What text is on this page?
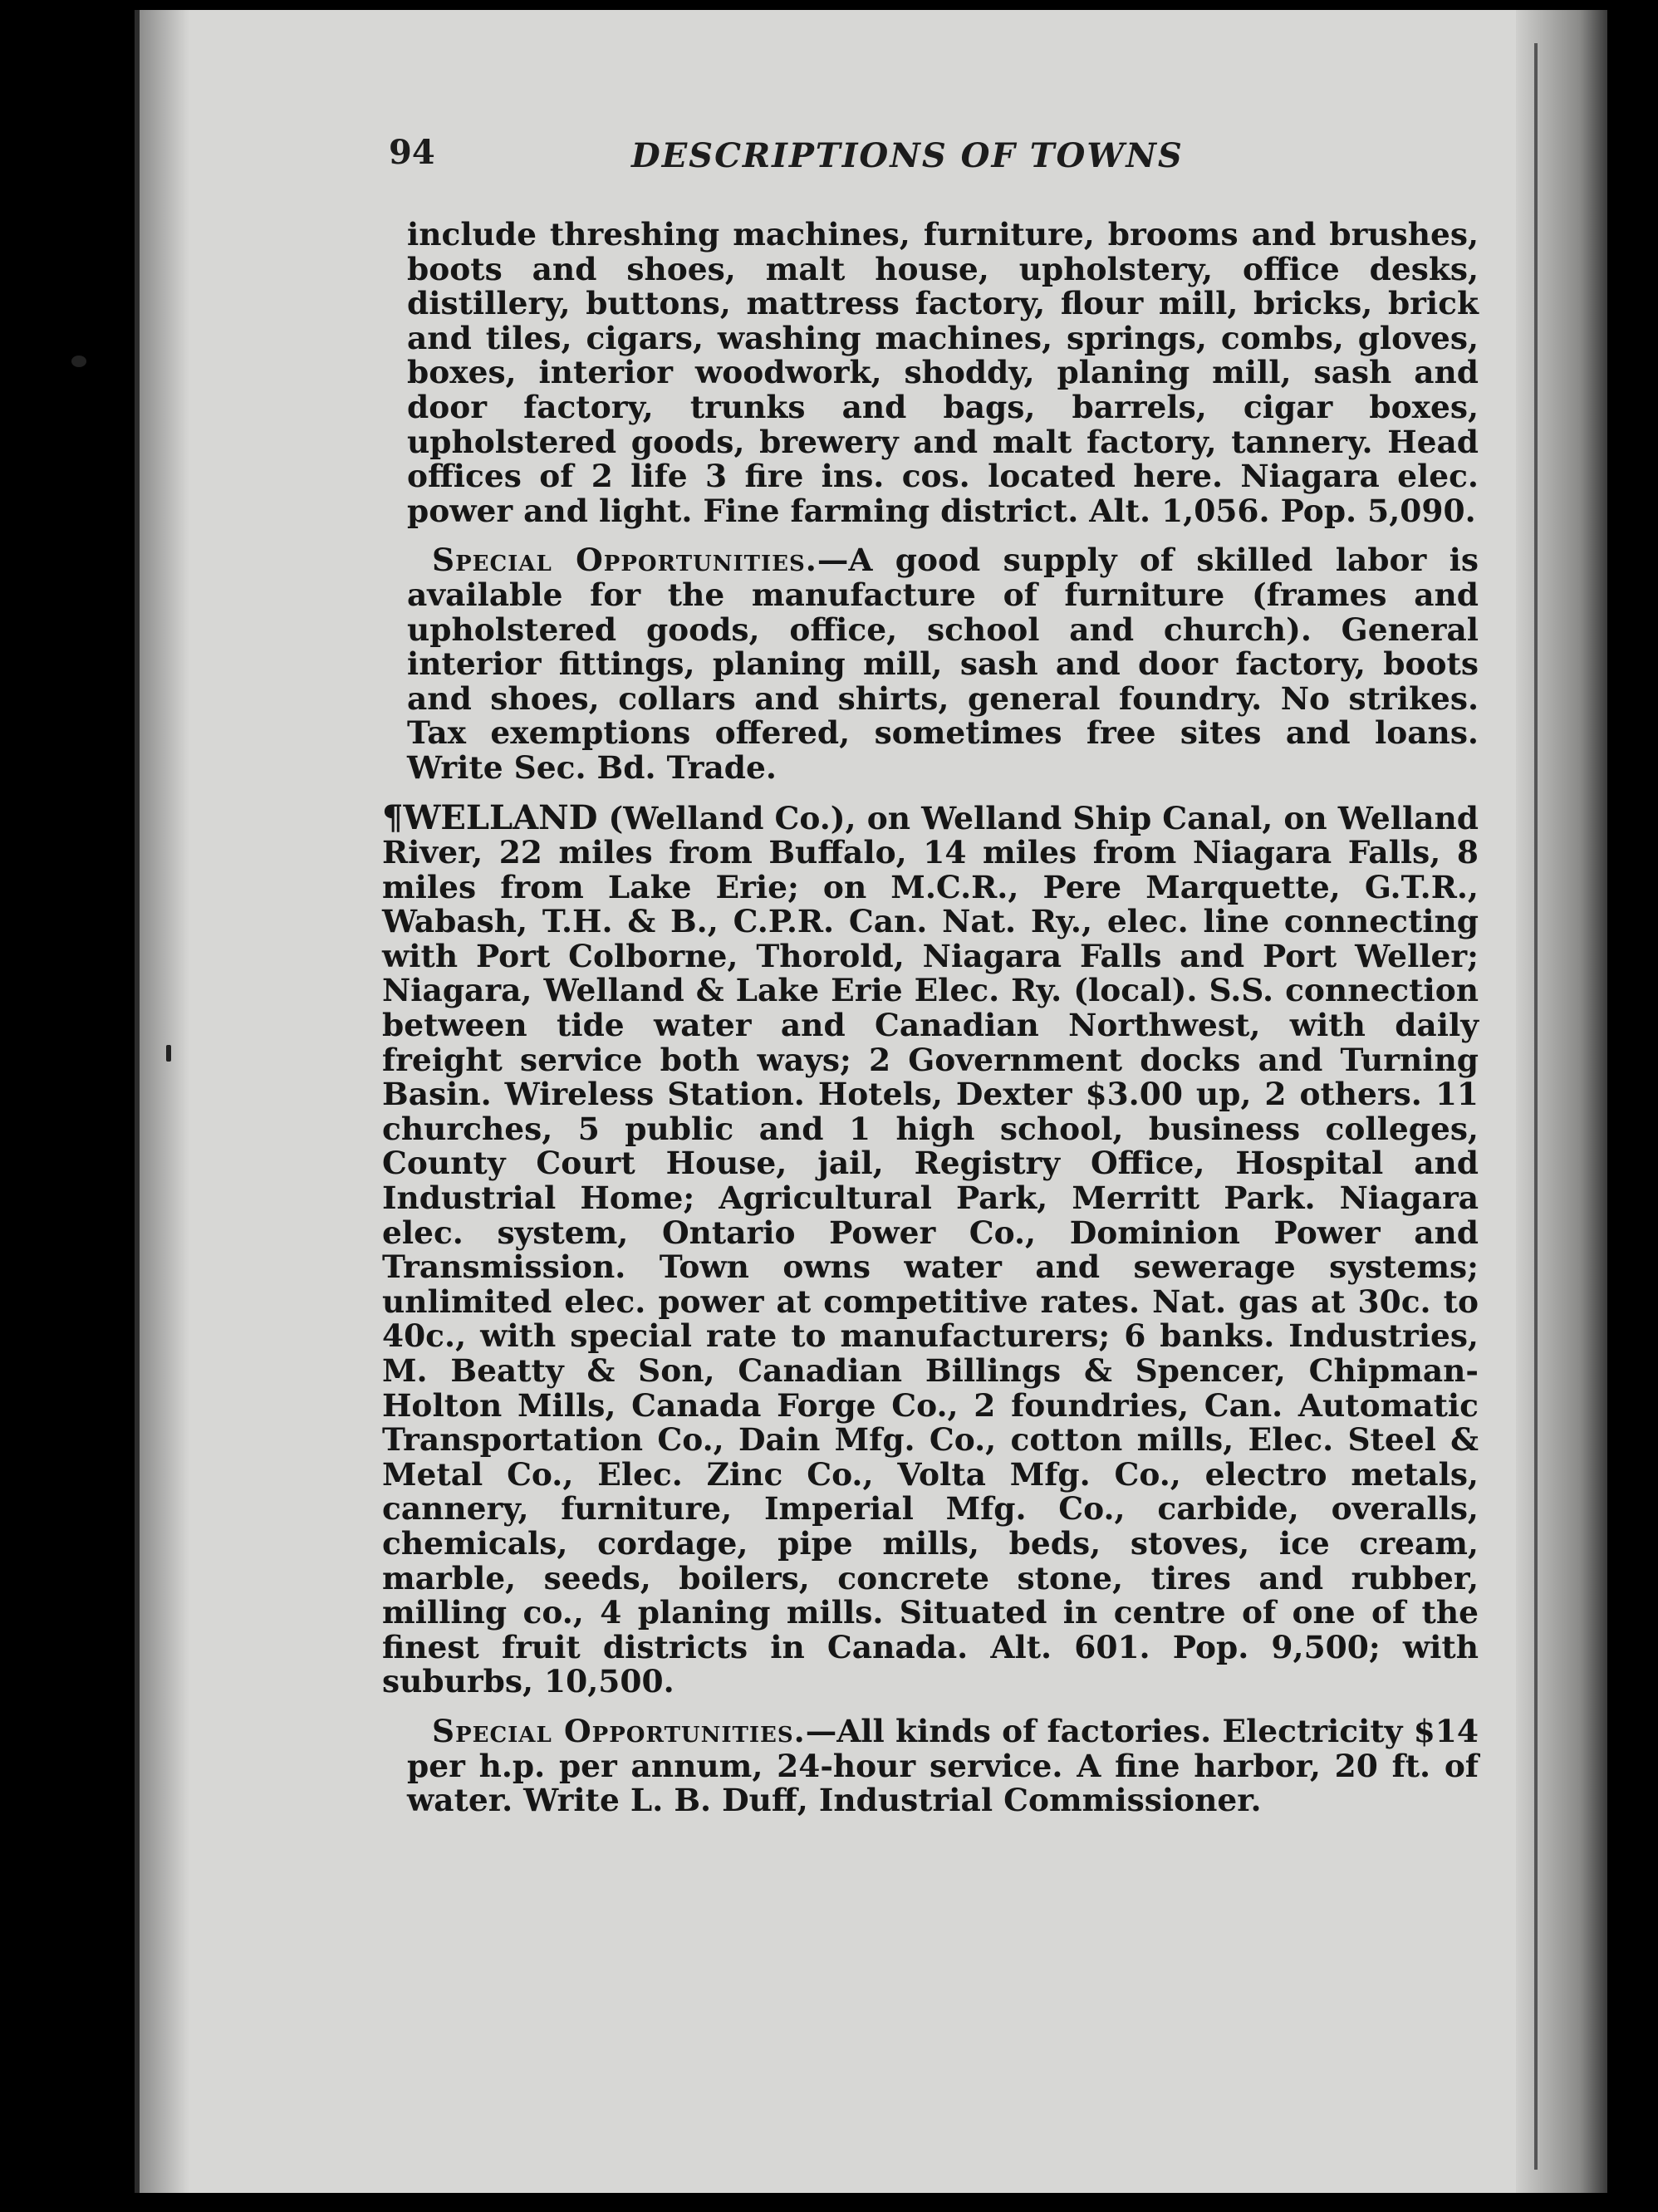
94	DESCRIPTIONS OF TOWNS

include threshing machines, furniture, brooms and brushes, boots and shoes, malt house, upholstery, office desks, distillery, buttons, mattress factory, flour mill, bricks, brick and tiles, cigars, washing machines, springs, combs, gloves, boxes, interior woodwork, shoddy, planing mill, sash and door factory, trunks and bags, barrels, cigar boxes, upholstered goods, brewery and malt factory, tannery. Head offices of 2 life 3 fire ins. cos. located here. Niagara elec. power and light. Fine farming district. Alt. 1,056. Pop. 5,090.

Special Opportunities.—A good supply of skilled labor is available for the manufacture of furniture (frames and upholstered goods, office, school and church). General interior fittings, planing mill, sash and door factory, boots and shoes, collars and shirts, general foundry. No strikes. Tax exemptions offered, sometimes free sites and loans. Write Sec. Bd. Trade.

¶WELLAND (Welland Co.), on Welland Ship Canal, on Welland River, 22 miles from Buffalo, 14 miles from Niagara Falls, 8 miles from Lake Erie; on M.C.R., Pere Marquette, G.T.R., Wabash, T.H. & B., C.P.R. Can. Nat. Ry., elec. line connecting with Port Colborne, Thorold, Niagara Falls and Port Weller; Niagara, Welland & Lake Erie Elec. Ry. (local). S.S. connection between tide water and Canadian Northwest, with daily freight service both ways; 2 Government docks and Turning Basin. Wireless Station. Hotels, Dexter $3.00 up, 2 others. 11 churches, 5 public and 1 high school, business colleges, County Court House, jail, Registry Office, Hospital and Industrial Home; Agricultural Park, Merritt Park. Niagara elec. system, Ontario Power Co., Dominion Power and Transmission. Town owns water and sewerage systems; unlimited elec. power at competitive rates. Nat. gas at 30c. to 40c., with special rate to manufacturers; 6 banks. Industries, M. Beatty & Son, Canadian Billings & Spencer, Chipman-Holton Mills, Canada Forge Co., 2 foundries, Can. Automatic Transportation Co., Dain Mfg. Co., cotton mills, Elec. Steel & Metal Co., Elec. Zinc Co., Volta Mfg. Co., electro metals, cannery, furniture, Imperial Mfg. Co., carbide, overalls, chemicals, cordage, pipe mills, beds, stoves, ice cream, marble, seeds, boilers, concrete stone, tires and rubber, milling co., 4 planing mills. Situated in centre of one of the finest fruit districts in Canada. Alt. 601. Pop. 9,500; with suburbs, 10,500.

Special Opportunities.—All kinds of factories. Electricity $14 per h.p. per annum, 24-hour service. A fine harbor, 20 ft. of water. Write L. B. Duff, Industrial Commissioner.
